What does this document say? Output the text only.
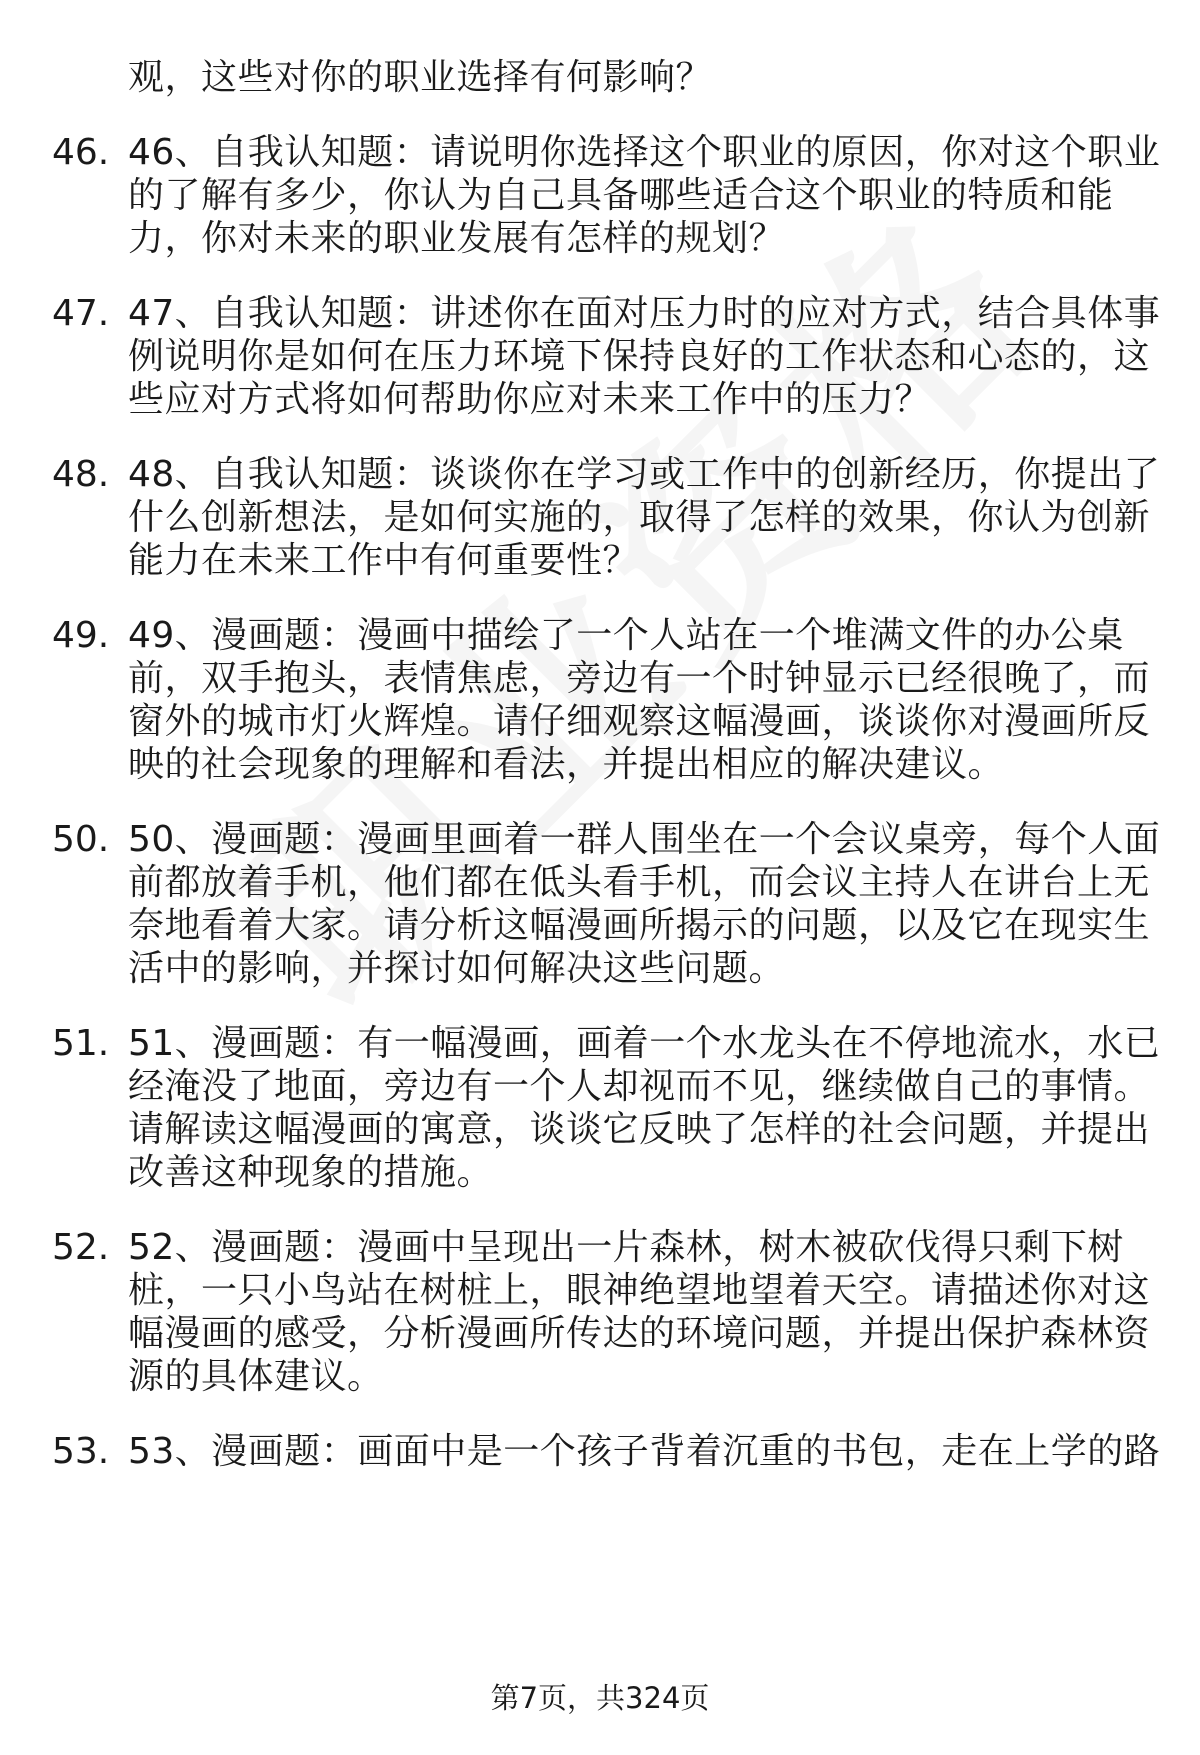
观，这些对你的职业选择有何影响？
46. 46、自我认知题：请说明你选择这个职业的原因，你对这个职业
的了解有多少，你认为自己具备哪些适合这个职业的特质和能
力，你对未来的职业发展有怎样的规划？
47. 47、自我认知题：讲述你在面对压力时的应对方式，结合具体事
例说明你是如何在压力环境下保持良好的工作状态和心态的，这
些应对方式将如何帮助你应对未来工作中的压力？
48. 48、自我认知题：谈谈你在学习或工作中的创新经历，你提出了
什么创新想法，是如何实施的，取得了怎样的效果，你认为创新
能力在未来工作中有何重要性？
49. 49、漫画题：漫画中描绘了一个人站在一个堆满文件的办公桌
前，双手抱头，表情焦虑，旁边有一个时钟显示已经很晚了，而
窗外的城市灯火辉煌。请仔细观察这幅漫画，谈谈你对漫画所反
映的社会现象的理解和看法，并提出相应的解决建议。
50. 50、漫画题：漫画里画着一群人围坐在一个会议桌旁，每个人面
前都放着手机，他们都在低头看手机，而会议主持人在讲台上无
奈地看着大家。请分析这幅漫画所揭示的问题，以及它在现实生
活中的影响，并探讨如何解决这些问题。
51. 51、漫画题：有一幅漫画，画着一个水龙头在不停地流水，水已
经淹没了地面，旁边有一个人却视而不见，继续做自己的事情。
请解读这幅漫画的寓意，谈谈它反映了怎样的社会问题，并提出
改善这种现象的措施。
52. 52、漫画题：漫画中呈现出一片森林，树木被砍伐得只剩下树
桩，一只小鸟站在树桩上，眼神绝望地望着天空。请描述你对这
幅漫画的感受，分析漫画所传达的环境问题，并提出保护森林资
源的具体建议。
53. 53、漫画题：画面中是一个孩子背着沉重的书包，走在上学的路
第7页，共324页
